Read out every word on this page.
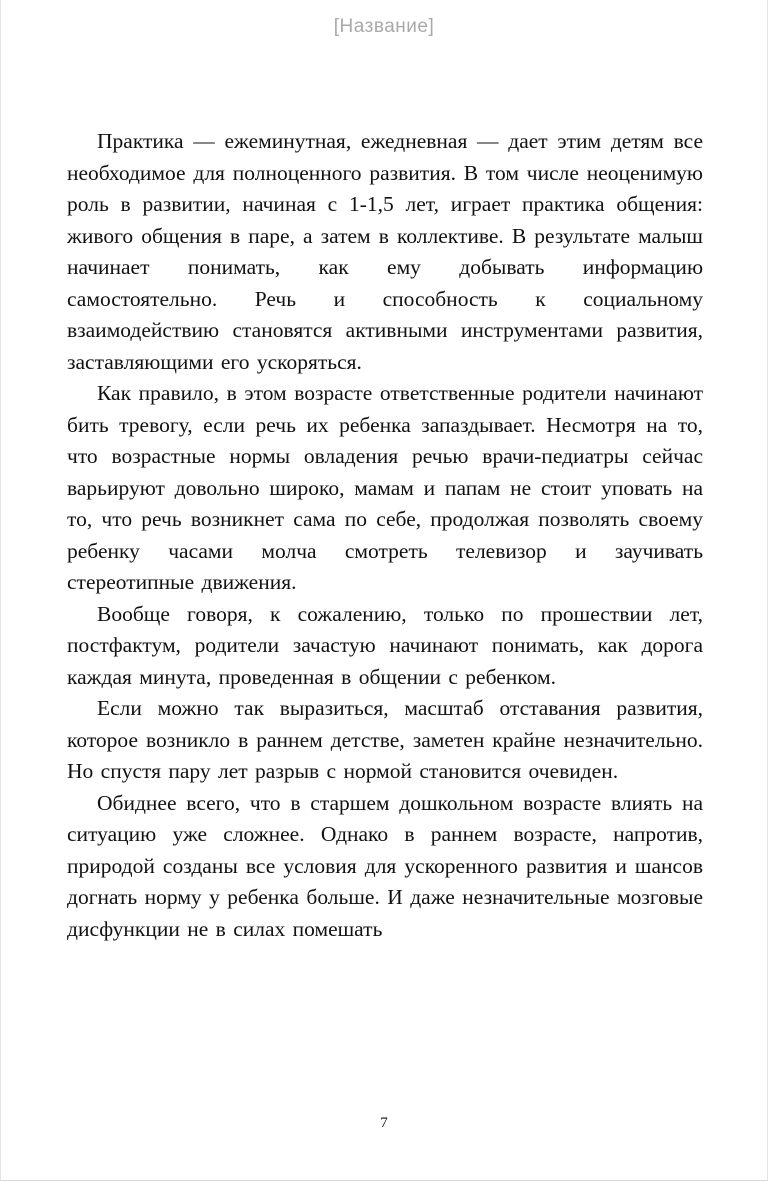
[Название]

Практика — ежеминутная, ежедневная — дает этим детям все необходимое для полноценного развития. В том числе неоценимую роль в развитии, начиная с 1-1,5 лет, играет практика общения: живого общения в паре, а затем в коллективе. В результате малыш начинает понимать, как ему добывать информацию самостоятельно. Речь и способность к социальному взаимодействию становятся активными инструментами развития, заставляющими его ускоряться.

Как правило, в этом возрасте ответственные родители начинают бить тревогу, если речь их ребенка запаздывает. Несмотря на то, что возрастные нормы овладения речью врачи-педиатры сейчас варьируют довольно широко, мамам и папам не стоит уповать на то, что речь возникнет сама по себе, продолжая позволять своему ребенку часами молча смотреть телевизор и заучивать стереотипные движения.

Вообще говоря, к сожалению, только по прошествии лет, постфактум, родители зачастую начинают понимать, как дорога каждая минута, проведенная в общении с ребенком.

Если можно так выразиться, масштаб отставания развития, которое возникло в раннем детстве, заметен крайне незначительно. Но спустя пару лет разрыв с нормой становится очевиден.

Обиднее всего, что в старшем дошкольном возрасте влиять на ситуацию уже сложнее. Однако в раннем возрасте, напротив, природой созданы все условия для ускоренного развития и шансов догнать норму у ребенка больше. И даже незначительные мозговые дисфункции не в силах помешать

7
